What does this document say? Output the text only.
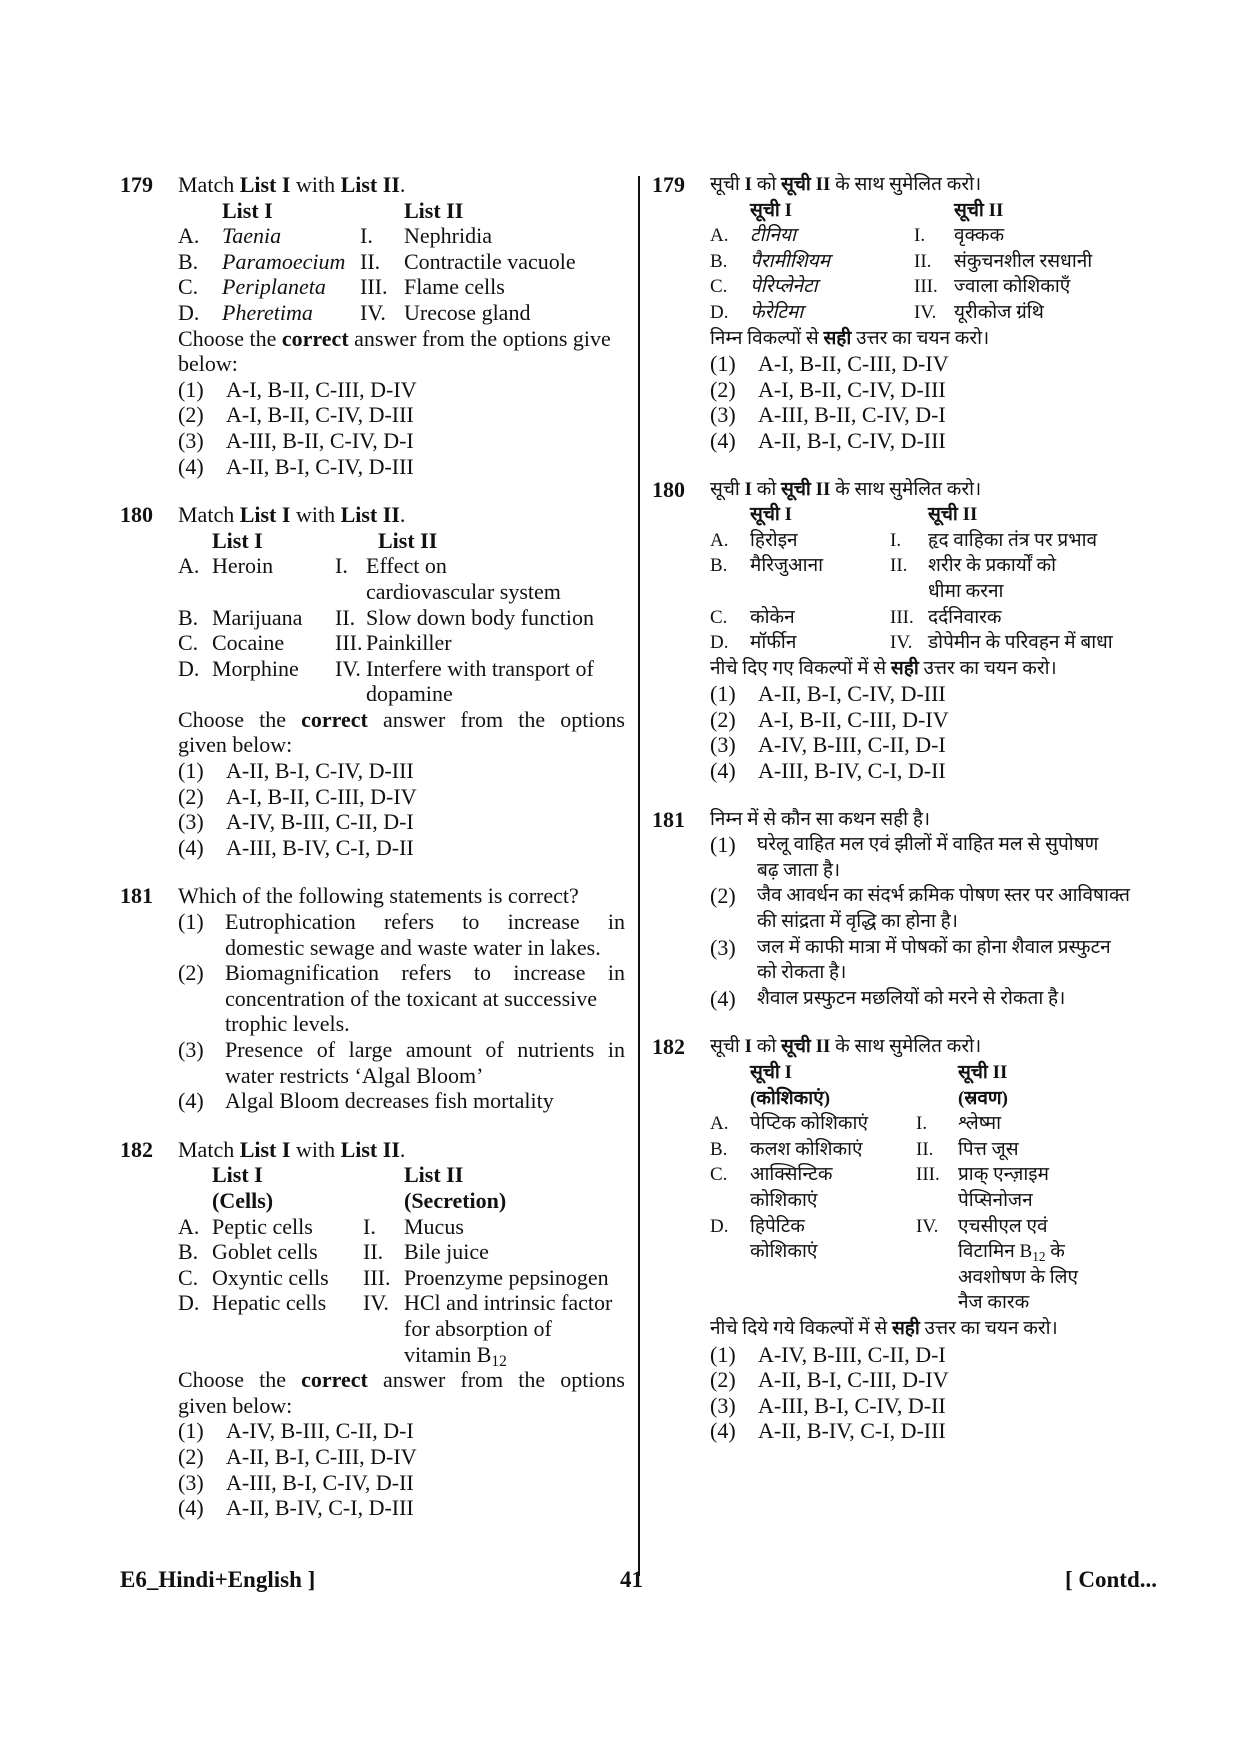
179 Match List I with List II.
List I	List II
A.	Taenia	I.	Nephridia
B.	Paramoecium II.	Contractile vacuole
C.	Periplaneta	III. Flame cells
D.	Pheretima	IV. Urecose gland
Choose the correct answer from the options give
below:
(1)	A-I, B-II, C-III, D-IV
(2)	A-I, B-II, C-IV, D-III
(3)	A-III, B-II, C-IV, D-I
(4)	A-II, B-I, C-IV, D-III
180 Match List I with List II.
List I	List II
A. Heroin	I. Effect on
cardiovascular system
B. Marijuana	II. Slow down body function
C. Cocaine	III. Painkiller
D. Morphine	IV. Interfere with transport of
dopamine
Choose the correct answer from the options
given below:
(1)	A-II, B-I, C-IV, D-III
(2)	A-I, B-II, C-III, D-IV
(3)	A-IV, B-III, C-II, D-I
(4)	A-III, B-IV, C-I, D-II
181 Which of the following statements is correct?
(1) Eutrophication refers to increase in
domestic sewage and waste water in lakes.
(2) Biomagnification refers to increase in
concentration of the toxicant at successive
trophic levels.
(3) Presence of large amount of nutrients in
water restricts ‘Algal Bloom’
(4) Algal Bloom decreases fish mortality
182 Match List I with List II.
List I	List II
(Cells)	(Secretion)
A. Peptic cells	I.	Mucus
B. Goblet cells	II. Bile juice
C. Oxyntic cells	III. Proenzyme pepsinogen
D. Hepatic cells	IV. HCl and intrinsic factor
for absorption of
vitamin $B_{12}$
Choose the correct answer from the options
given below:
(1)	A-IV, B-III, C-II, D-I
(2)	A-II, B-I, C-III, D-IV
(3)	A-III, B-I, C-IV, D-II
(4)	A-II, B-IV, C-I, D-III
179 सूची I को सूची II के साथ सुमेलित करो।
सूची I	सूची II
A.	टीनिया	I.	वृक्कक
B.	पैरामीशियम	II.	संकुचनशील रसधानी
C.	पेरिप्लेनेटा	III. ज्वाला कोशिकाएँ
D.	फेरेटिमा	IV. यूरीकोज ग्रंथि
निम्न विकल्पों से सही उत्तर का चयन करो।
(1)	A-I, B-II, C-III, D-IV
(2)	A-I, B-II, C-IV, D-III
(3)	A-III, B-II, C-IV, D-I
(4)	A-II, B-I, C-IV, D-III
180 सूची I को सूची II के साथ सुमेलित करो।
सूची I	सूची II
A.	हिरोइन	I.	हृद वाहिका तंत्र पर प्रभाव
B.	मैरिजुआना	II.	शरीर के प्रकार्यों को
धीमा करना
C.	कोकेन	III. दर्दनिवारक
D.	मॉर्फीन	IV. डोपेमीन के परिवहन में बाधा
नीचे दिए गए विकल्पों में से सही उत्तर का चयन करो।
(1)	A-II, B-I, C-IV, D-III
(2)	A-I, B-II, C-III, D-IV
(3)	A-IV, B-III, C-II, D-I
(4)	A-III, B-IV, C-I, D-II
181 निम्न में से कौन सा कथन सही है।
(1) घरेलू वाहित मल एवं झीलों में वाहित मल से सुपोषण
बढ़ जाता है।
(2) जैव आवर्धन का संदर्भ क्रमिक पोषण स्तर पर आविषाक्त
की सांद्रता में वृद्धि का होना है।
(3) जल में काफी मात्रा में पोषकों का होना शैवाल प्रस्फुटन
को रोकता है।
(4) शैवाल प्रस्फुटन मछलियों को मरने से रोकता है।
182 सूची I को सूची II के साथ सुमेलित करो।
सूची I	सूची II
(कोशिकाएं)	(स्रवण)
A.	पेप्टिक कोशिकाएं	I.	श्लेष्मा
B.	कलश कोशिकाएं	II.	पित्त जूस
C.	आक्सिन्टिक	III. प्राक् एन्ज़ाइम
कोशिकाएं	पेप्सिनोजन
D.	हिपेटिक	IV.	एचसीएल एवं
कोशिकाएं	विटामिन $B_{12}$ के
अवशोषण के लिए
नैज कारक
नीचे दिये गये विकल्पों में से सही उत्तर का चयन करो।
(1)	A-IV, B-III, C-II, D-I
(2)	A-II, B-I, C-III, D-IV
(3)	A-III, B-I, C-IV, D-II
(4)	A-II, B-IV, C-I, D-III
E6_Hindi+English ]	41	[ Contd...
